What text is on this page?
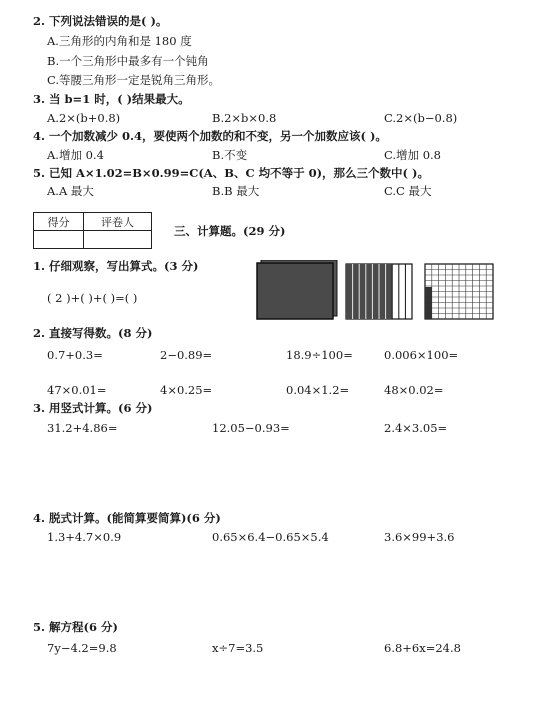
2. 下列说法错误的是( )。
A.三角形的内角和是 180 度
B.一个三角形中最多有一个钝角
C.等腰三角形一定是锐角三角形。
3. 当 b=1 时，( )结果最大。
A.2×(b+0.8)	B.2×b×0.8	C.2×(b−0.8)
4. 一个加数减少 0.4，要使两个加数的和不变，另一个加数应该( )。
A.增加 0.4	B.不变	C.增加 0.8
5. 已知 A×1.02=B×0.99=C(A、B、C 均不等于 0)，那么三个数中( )。
A.A 最大	B.B 最大	C.C 最大
得分	评卷人

三、计算题。(29 分)
1. 仔细观察，写出算式。(3 分)
( 2 )+( )+( )=( )
2. 直接写得数。(8 分)
0.7+0.3=	2−0.89=	18.9÷100=	0.006×100=
47×0.01=	4×0.25=	0.04×1.2=	48×0.02=
3. 用竖式计算。(6 分)
31.2+4.86=	12.05−0.93=	2.4×3.05=
4. 脱式计算。(能简算要简算)(6 分)
1.3+4.7×0.9	0.65×6.4−0.65×5.4	3.6×99+3.6
5. 解方程(6 分)
7y−4.2=9.8	x÷7=3.5	6.8+6x=24.8
